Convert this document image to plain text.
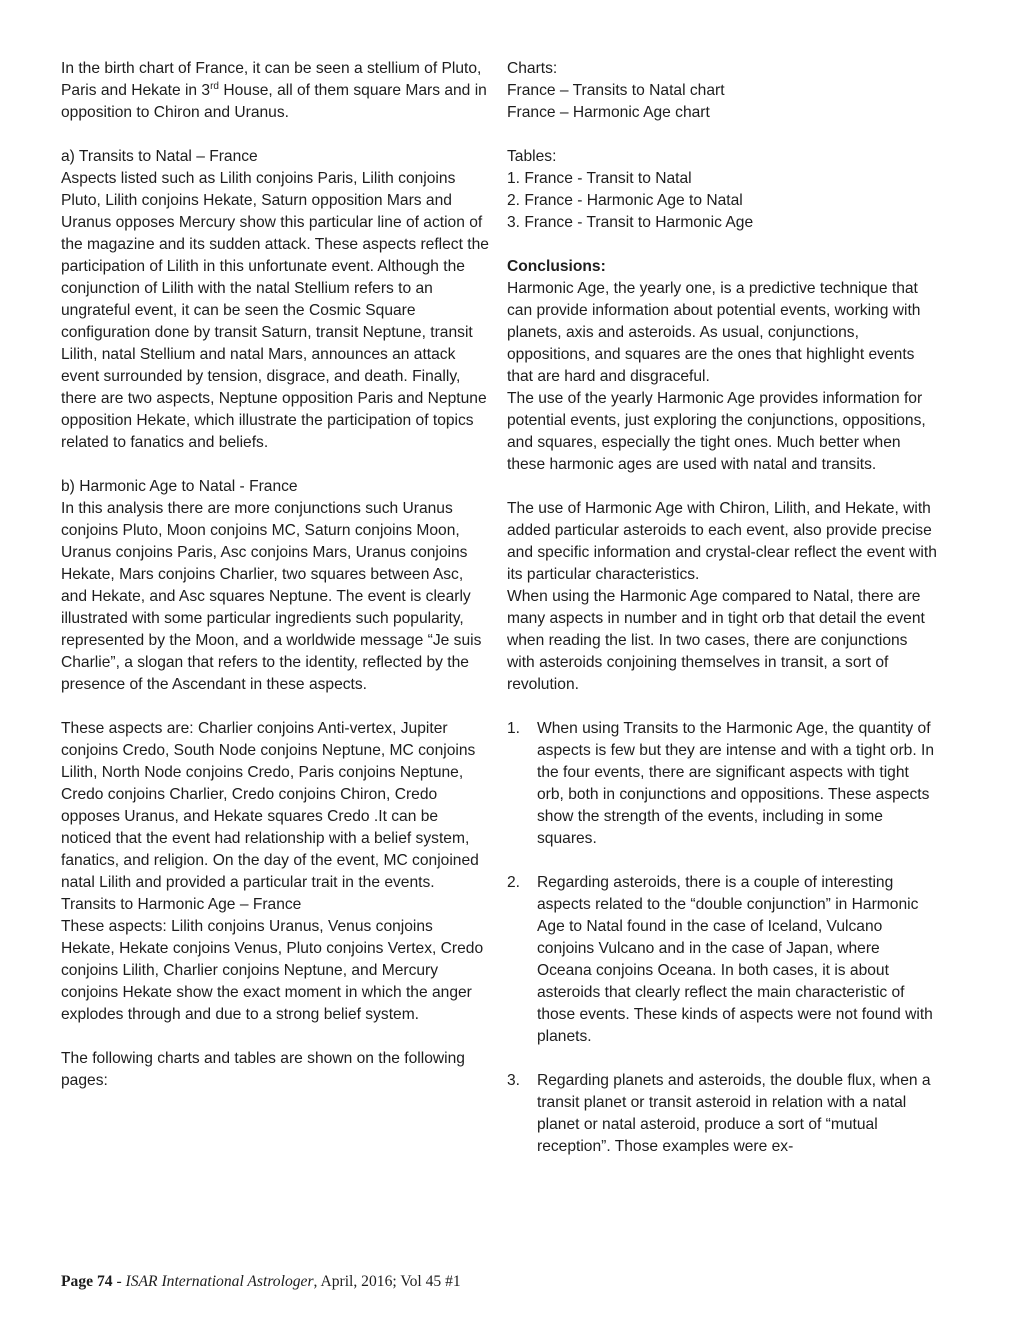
In the birth chart of France, it can be seen a stellium of Pluto, Paris and Hekate in 3rd House, all of them square Mars and in opposition to Chiron and Uranus.

a) Transits to Natal – France

Aspects listed such as Lilith conjoins Paris, Lilith conjoins Pluto, Lilith conjoins Hekate, Saturn opposition Mars and Uranus opposes Mercury show this particular line of action of the magazine and its sudden attack. These aspects reflect the participation of Lilith in this unfortunate event. Although the conjunction of Lilith with the natal Stellium refers to an ungrateful event, it can be seen the Cosmic Square configuration done by transit Saturn, transit Neptune, transit Lilith, natal Stellium and natal Mars, announces an attack event surrounded by tension, disgrace, and death. Finally, there are two aspects, Neptune opposition Paris and Neptune opposition Hekate, which illustrate the participation of topics related to fanatics and beliefs.

b) Harmonic Age to Natal - France

In this analysis there are more conjunctions such Uranus conjoins Pluto, Moon conjoins MC, Saturn conjoins Moon, Uranus conjoins Paris, Asc conjoins Mars, Uranus conjoins Hekate, Mars conjoins Charlier, two squares between Asc, and Hekate, and Asc squares Neptune. The event is clearly illustrated with some particular ingredients such popularity, represented by the Moon, and a worldwide message “Je suis Charlie”, a slogan that refers to the identity, reflected by the presence of the Ascendant in these aspects.

These aspects are: Charlier conjoins Anti-vertex, Jupiter conjoins Credo, South Node conjoins Neptune, MC conjoins Lilith, North Node conjoins Credo, Paris conjoins Neptune, Credo conjoins Charlier, Credo conjoins Chiron, Credo opposes Uranus, and Hekate squares Credo .It can be noticed that the event had relationship with a belief system, fanatics, and religion. On the day of the event, MC conjoined natal Lilith and provided a particular trait in the events.

Transits to Harmonic Age – France

These aspects: Lilith conjoins Uranus, Venus conjoins Hekate, Hekate conjoins Venus, Pluto conjoins Vertex, Credo conjoins Lilith, Charlier conjoins Neptune, and Mercury conjoins Hekate show the exact moment in which the anger explodes through and due to a strong belief system.

The following charts and tables are shown on the following pages:

Charts:

France – Transits to Natal chart

France – Harmonic Age chart

Tables:

1. France - Transit to Natal

2. France - Harmonic Age to Natal

3. France - Transit to Harmonic Age

Conclusions:

Harmonic Age, the yearly one, is a predictive technique that can provide information about potential events, working with planets, axis and asteroids. As usual, conjunctions, oppositions, and squares are the ones that highlight events that are hard and disgraceful.

The use of the yearly Harmonic Age provides information for potential events, just exploring the conjunctions, oppositions, and squares, especially the tight ones. Much better when these harmonic ages are used with natal and transits.

The use of Harmonic Age with Chiron, Lilith, and Hekate, with added particular asteroids to each event, also provide precise and specific information and crystal-clear reflect the event with its particular characteristics.

When using the Harmonic Age compared to Natal, there are many aspects in number and in tight orb that detail the event when reading the list. In two cases, there are conjunctions with asteroids conjoining themselves in transit, a sort of revolution.

1. When using Transits to the Harmonic Age, the quantity of aspects is few but they are intense and with a tight orb. In the four events, there are significant aspects with tight orb, both in conjunctions and oppositions. These aspects show the strength of the events, including in some squares.
2. Regarding asteroids, there is a couple of interesting aspects related to the “double conjunction” in Harmonic Age to Natal found in the case of Iceland, Vulcano conjoins Vulcano and in the case of Japan, where Oceana conjoins Oceana. In both cases, it is about asteroids that clearly reflect the main characteristic of those events. These kinds of aspects were not found with planets.
3. Regarding planets and asteroids, the double flux, when a transit planet or transit asteroid in relation with a natal planet or natal asteroid, produce a sort of “mutual reception”. Those examples were ex-
Page 74 - ISAR International Astrologer, April, 2016; Vol 45 #1
